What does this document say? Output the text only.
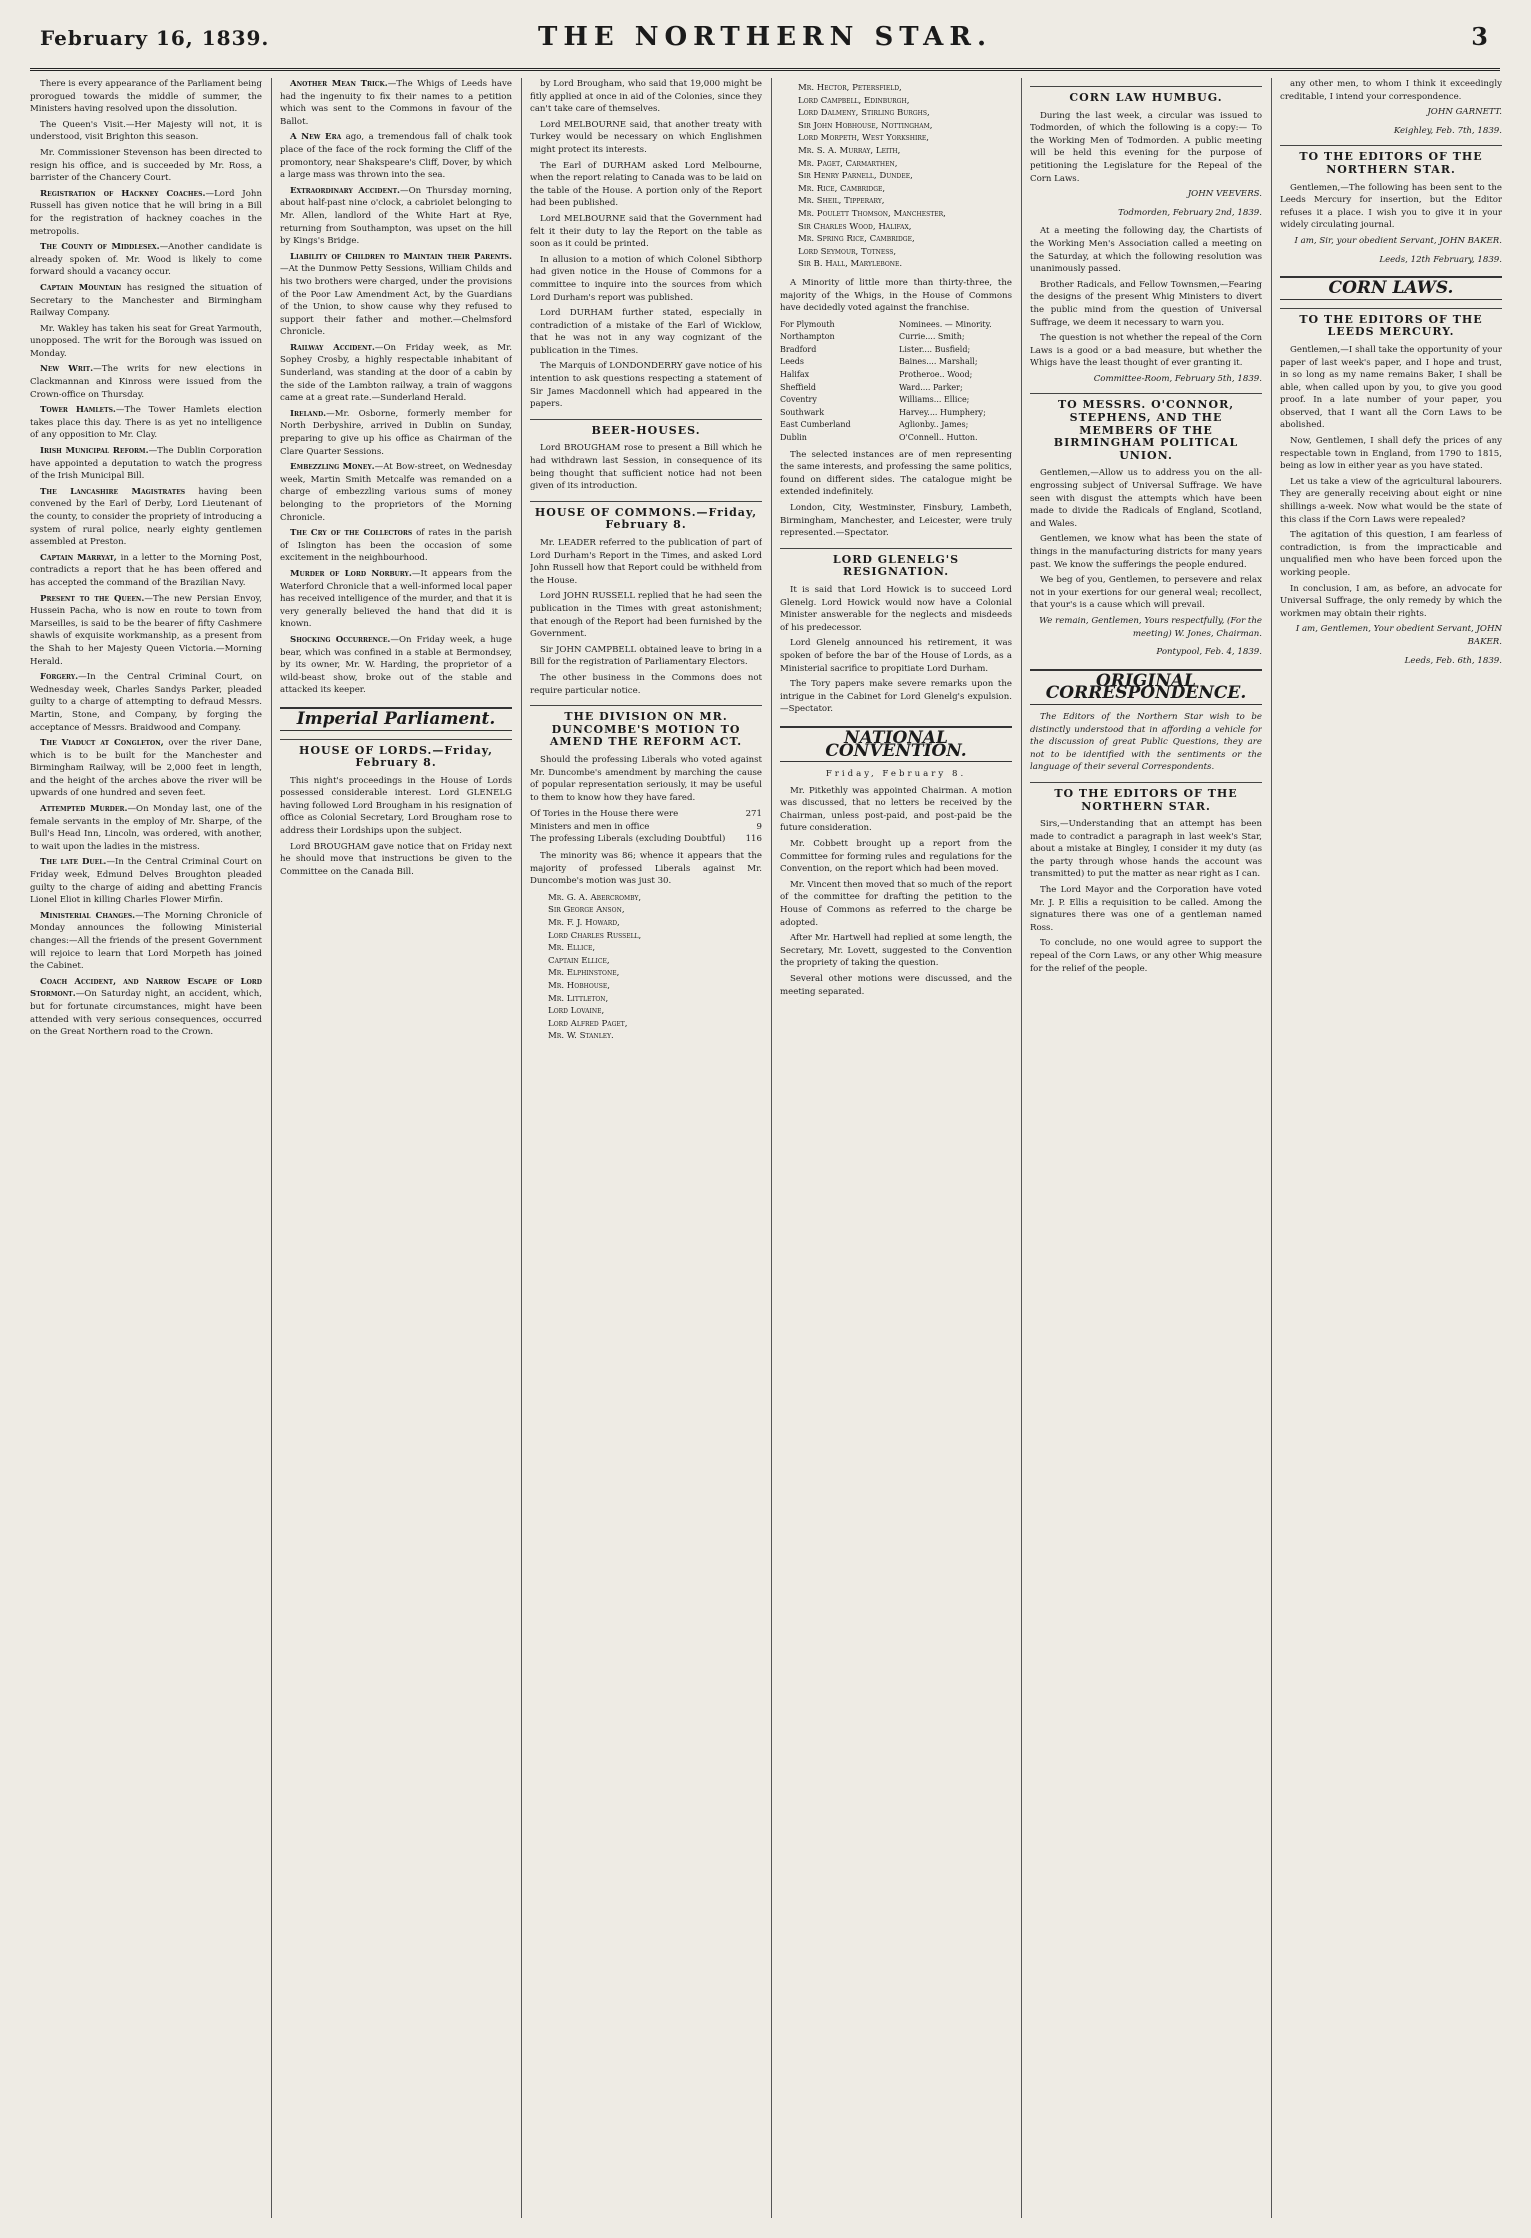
February 16, 1839.	THE NORTHERN STAR.	3

There is every appearance of the Parliament being prorogued towards the middle of summer, the Ministers having resolved upon the dissolution.

The Queen's Visit.—Her Majesty will not, it is understood, visit Brighton this season.

Mr. Commissioner Stevenson has been directed to resign his office, and is succeeded by Mr. Ross, a barrister of the Chancery Court.

Registration of Hackney Coaches.—Lord John Russell has given notice that he will bring in a Bill for the registration of hackney coaches in the metropolis.

The County of Middlesex.—Another candidate is already spoken of. Mr. Wood is likely to come forward should a vacancy occur.

Captain Mountain has resigned the situation of Secretary to the Manchester and Birmingham Railway Company.

Mr. Wakley has taken his seat for Great Yarmouth, unopposed. The writ for the Borough was issued on Monday.

New Writ.—The writs for new elections in Clackmannan and Kinross were issued from the Crown-office on Thursday.

Tower Hamlets.—The Tower Hamlets election takes place this day. There is as yet no intelligence of any opposition to Mr. Clay.

Irish Municipal Reform.—The Dublin Corporation have appointed a deputation to watch the progress of the Irish Municipal Bill.

The Lancashire Magistrates having been convened by the Earl of Derby, Lord Lieutenant of the county, to consider the propriety of introducing a system of rural police, nearly eighty gentlemen assembled at Preston.

Captain Marryat, in a letter to the Morning Post, contradicts a report that he has been offered and has accepted the command of the Brazilian Navy.

Present to the Queen.—The new Persian Envoy, Hussein Pacha, who is now en route to town from Marseilles, is said to be the bearer of fifty Cashmere shawls of exquisite workmanship, as a present from the Shah to her Majesty Queen Victoria.—Morning Herald.

Forgery.—In the Central Criminal Court, on Wednesday week, Charles Sandys Parker, pleaded guilty to a charge of attempting to defraud Messrs. Martin, Stone, and Company, by forging the acceptance of Messrs. Braidwood and Company.

The Viaduct at Congleton, over the river Dane, which is to be built for the Manchester and Birmingham Railway, will be 2,000 feet in length, and the height of the arches above the river will be upwards of one hundred and seven feet.

Attempted Murder.—On Monday last, one of the female servants in the employ of Mr. Sharpe, of the Bull's Head Inn, Lincoln, was ordered, with another, to wait upon the ladies in the mistress.

The late Duel.—In the Central Criminal Court on Friday week, Edmund Delves Broughton pleaded guilty to the charge of aiding and abetting Francis Lionel Eliot in killing Charles Flower Mirfin.

Ministerial Changes.—The Morning Chronicle of Monday announces the following Ministerial changes:—All the friends of the present Government will rejoice to learn that Lord Morpeth has joined the Cabinet.

Coach Accident, and Narrow Escape of Lord Stormont.—On Saturday night, an accident, which, but for fortunate circumstances, might have been attended with very serious consequences, occurred on the Great Northern road to the Crown.

Another Mean Trick.—The Whigs of Leeds have had the ingenuity to fix their names to a petition which was sent to the Commons in favour of the Ballot.

A New Era ago, a tremendous fall of chalk took place of the face of the rock forming the Cliff of the promontory, near Shakspeare's Cliff, Dover, by which a large mass was thrown into the sea.

Extraordinary Accident.—On Thursday morning, about half-past nine o'clock, a cabriolet belonging to Mr. Allen, landlord of the White Hart at Rye, returning from Southampton, was upset on the hill by Kings's Bridge.

Liability of Children to Maintain their Parents.—At the Dunmow Petty Sessions, William Childs and his two brothers were charged, under the provisions of the Poor Law Amendment Act, by the Guardians of the Union, to show cause why they refused to support their father and mother.—Chelmsford Chronicle.

Railway Accident.—On Friday week, as Mr. Sophey Crosby, a highly respectable inhabitant of Sunderland, was standing at the door of a cabin by the side of the Lambton railway, a train of waggons came at a great rate.—Sunderland Herald.

Ireland.—Mr. Osborne, formerly member for North Derbyshire, arrived in Dublin on Sunday, preparing to give up his office as Chairman of the Clare Quarter Sessions.

Embezzling Money.—At Bow-street, on Wednesday week, Martin Smith Metcalfe was remanded on a charge of embezzling various sums of money belonging to the proprietors of the Morning Chronicle.

The Cry of the Collectors of rates in the parish of Islington has been the occasion of some excitement in the neighbourhood.

Murder of Lord Norbury.—It appears from the Waterford Chronicle that a well-informed local paper has received intelligence of the murder, and that it is very generally believed the hand that did it is known.

Shocking Occurrence.—On Friday week, a huge bear, which was confined in a stable at Bermondsey, by its owner, Mr. W. Harding, the proprietor of a wild-beast show, broke out of the stable and attacked its keeper.

Imperial Parliament.
HOUSE OF LORDS.—Friday, February 8.

This night's proceedings in the House of Lords possessed considerable interest. Lord GLENELG having followed Lord Brougham in his resignation of office as Colonial Secretary, Lord Brougham rose to address their Lordships upon the subject.

Lord BROUGHAM gave notice that on Friday next he should move that instructions be given to the Committee on the Canada Bill.

by Lord Brougham, who said that 19,000 might be fitly applied at once in aid of the Colonies, since they can't take care of themselves.

Lord MELBOURNE said, that another treaty with Turkey would be necessary on which Englishmen might protect its interests.

The Earl of DURHAM asked Lord Melbourne, when the report relating to Canada was to be laid on the table of the House. A portion only of the Report had been published.

Lord MELBOURNE said that the Government had felt it their duty to lay the Report on the table as soon as it could be printed.

In allusion to a motion of which Colonel Sibthorp had given notice in the House of Commons for a committee to inquire into the sources from which Lord Durham's report was published.

Lord DURHAM further stated, especially in contradiction of a mistake of the Earl of Wicklow, that he was not in any way cognizant of the publication in the Times.

The Marquis of LONDONDERRY gave notice of his intention to ask questions respecting a statement of Sir James Macdonnell which had appeared in the papers.

BEER-HOUSES.

Lord BROUGHAM rose to present a Bill which he had withdrawn last Session, in consequence of its being thought that sufficient notice had not been given of its introduction.

HOUSE OF COMMONS.—Friday, February 8.

Mr. LEADER referred to the publication of part of Lord Durham's Report in the Times, and asked Lord John Russell how that Report could be withheld from the House.

Lord JOHN RUSSELL replied that he had seen the publication in the Times with great astonishment; that enough of the Report had been furnished by the Government.

Sir JOHN CAMPBELL obtained leave to bring in a Bill for the registration of Parliamentary Electors.

The other business in the Commons does not require particular notice.

THE DIVISION ON MR. DUNCOMBE'S MOTION TO AMEND THE REFORM ACT.

Should the professing Liberals who voted against Mr. Duncombe's amendment by marching the cause of popular representation seriously, it may be useful to them to know how they have fared.

Of Tories in the House there were	271
Ministers and men in office	9
The professing Liberals (excluding Doubtful) 116

The minority was 86; whence it appears that the majority of professed Liberals against Mr. Duncombe's motion was just 30.

Mr. G. A. Abercromby,
Sir George Anson,
Mr. F. J. Howard,
Lord Charles Russell,
Mr. Ellice,
Captain Ellice,
Mr. Elphinstone,
Mr. Hobhouse,
Mr. Littleton,
Lord Lovaine,
Lord Alfred Paget,
Mr. W. Stanley.
Mr. Hector, Petersfield,
Lord Campbell, Edinburgh,
Lord Dalmeny, Stirling Burghs,
Sir John Hobhouse, Nottingham,
Lord Morpeth, West Yorkshire,
Mr. S. A. Murray, Leith,
Mr. Paget, Carmarthen,
Sir Henry Parnell, Dundee,
Mr. Rice, Cambridge,
Mr. Sheil, Tipperary,
Mr. Poulett Thomson, Manchester,
Sir Charles Wood, Halifax,
Mr. Spring Rice, Cambridge,
Lord Seymour, Totness,
Sir B. Hall, Marylebone.

A Minority of little more than thirty-three, the majority of the Whigs, in the House of Commons have decidedly voted against the franchise.

For Plymouth	Nominees. — Minority.
Northampton	Currie.... Smith;
Bradford	Lister.... Busfield;
Leeds	Baines.... Marshall;
Halifax	Protheroe.. Wood;
Sheffield	Ward.... Parker;
Coventry	Williams... Ellice;
Southwark	Harvey.... Humphery;
East Cumberland	Aglionby.. James;
Dublin	O'Connell.. Hutton.

The selected instances are of men representing the same interests, and professing the same politics, found on different sides. The catalogue might be extended indefinitely.

London, City, Westminster, Finsbury, Lambeth, Birmingham, Manchester, and Leicester, were truly represented.—Spectator.

LORD GLENELG'S RESIGNATION.

It is said that Lord Howick is to succeed Lord Glenelg. Lord Howick would now have a Colonial Minister answerable for the neglects and misdeeds of his predecessor.

Lord Glenelg announced his retirement, it was spoken of before the bar of the House of Lords, as a Ministerial sacrifice to propitiate Lord Durham.

The Tory papers make severe remarks upon the intrigue in the Cabinet for Lord Glenelg's expulsion.—Spectator.

NATIONAL CONVENTION.
Friday, February 8.

Mr. Pitkethly was appointed Chairman. A motion was discussed, that no letters be received by the Chairman, unless post-paid, and post-paid be the future consideration.

Mr. Cobbett brought up a report from the Committee for forming rules and regulations for the Convention, on the report which had been moved.

Mr. Vincent then moved that so much of the report of the committee for drafting the petition to the House of Commons as referred to the charge be adopted.

After Mr. Hartwell had replied at some length, the Secretary, Mr. Lovett, suggested to the Convention the propriety of taking the question.

Several other motions were discussed, and the meeting separated.

CORN LAW HUMBUG.

During the last week, a circular was issued to Todmorden, of which the following is a copy:— To the Working Men of Todmorden. A public meeting will be held this evening for the purpose of petitioning the Legislature for the Repeal of the Corn Laws.

JOHN VEEVERS.
Todmorden, February 2nd, 1839.

At a meeting the following day, the Chartists of the Working Men's Association called a meeting on the Saturday, at which the following resolution was unanimously passed.

Brother Radicals, and Fellow Townsmen,—Fearing the designs of the present Whig Ministers to divert the public mind from the question of Universal Suffrage, we deem it necessary to warn you.

The question is not whether the repeal of the Corn Laws is a good or a bad measure, but whether the Whigs have the least thought of ever granting it.

Committee-Room, February 5th, 1839.
TO MESSRS. O'CONNOR, STEPHENS, AND THE MEMBERS OF THE BIRMINGHAM POLITICAL UNION.

Gentlemen,—Allow us to address you on the all-engrossing subject of Universal Suffrage. We have seen with disgust the attempts which have been made to divide the Radicals of England, Scotland, and Wales.

Gentlemen, we know what has been the state of things in the manufacturing districts for many years past. We know the sufferings the people endured.

We beg of you, Gentlemen, to persevere and relax not in your exertions for our general weal; recollect, that your's is a cause which will prevail.

We remain, Gentlemen, Yours respectfully, (For the meeting) W. Jones, Chairman.
Pontypool, Feb. 4, 1839.
ORIGINAL CORRESPONDENCE.

The Editors of the Northern Star wish to be distinctly understood that in affording a vehicle for the discussion of great Public Questions, they are not to be identified with the sentiments or the language of their several Correspondents.

TO THE EDITORS OF THE NORTHERN STAR.

Sirs,—Understanding that an attempt has been made to contradict a paragraph in last week's Star, about a mistake at Bingley, I consider it my duty (as the party through whose hands the account was transmitted) to put the matter as near right as I can.

The Lord Mayor and the Corporation have voted Mr. J. P. Ellis a requisition to be called. Among the signatures there was one of a gentleman named Ross.

To conclude, no one would agree to support the repeal of the Corn Laws, or any other Whig measure for the relief of the people.

any other men, to whom I think it exceedingly creditable, I intend your correspondence.

JOHN GARNETT.
Keighley, Feb. 7th, 1839.
TO THE EDITORS OF THE NORTHERN STAR.

Gentlemen,—The following has been sent to the Leeds Mercury for insertion, but the Editor refuses it a place. I wish you to give it in your widely circulating journal.

I am, Sir, your obedient Servant, JOHN BAKER.
Leeds, 12th February, 1839.
CORN LAWS.
TO THE EDITORS OF THE LEEDS MERCURY.

Gentlemen,—I shall take the opportunity of your paper of last week's paper, and I hope and trust, in so long as my name remains Baker, I shall be able, when called upon by you, to give you good proof. In a late number of your paper, you observed, that I want all the Corn Laws to be abolished.

Now, Gentlemen, I shall defy the prices of any respectable town in England, from 1790 to 1815, being as low in either year as you have stated.

Let us take a view of the agricultural labourers. They are generally receiving about eight or nine shillings a-week. Now what would be the state of this class if the Corn Laws were repealed?

The agitation of this question, I am fearless of contradiction, is from the impracticable and unqualified men who have been forced upon the working people.

In conclusion, I am, as before, an advocate for Universal Suffrage, the only remedy by which the workmen may obtain their rights.

I am, Gentlemen, Your obedient Servant, JOHN BAKER.
Leeds, Feb. 6th, 1839.
